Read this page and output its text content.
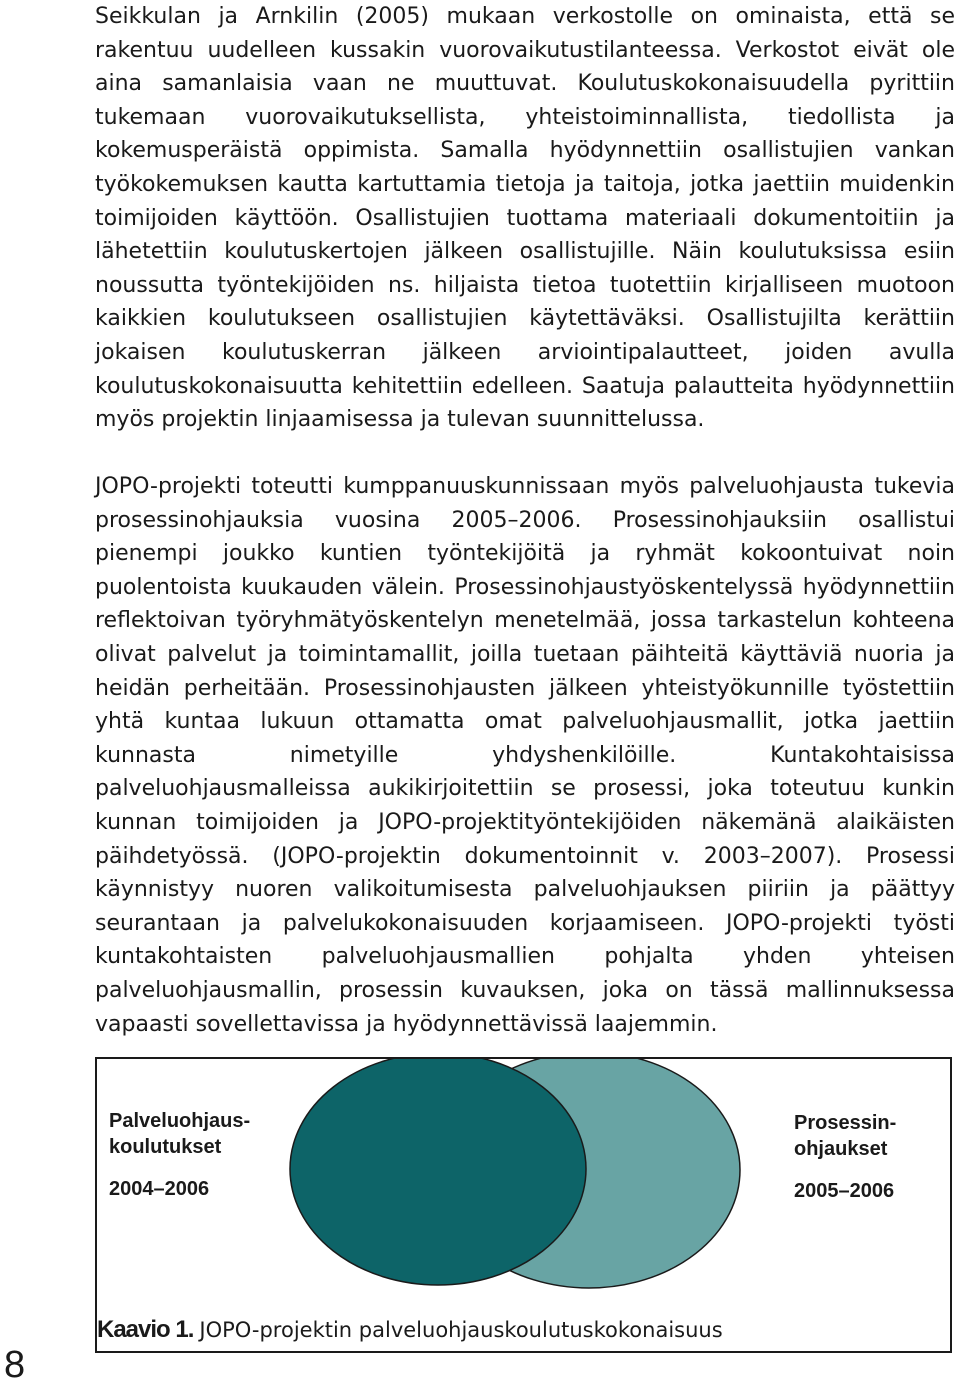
Seikkulan ja Arnkilin (2005) mukaan verkostolle on ominaista, että se rakentuu uudelleen kussakin vuorovaikutustilanteessa. Verkostot eivät ole aina samanlaisia vaan ne muuttuvat. Koulutuskokonaisuudella pyrittiin tukemaan vuorovaikutuksellista, yhteistoiminnallista, tiedollista ja kokemusperäistä oppimista. Samalla hyödynnettiin osallistujien vankan työkokemuksen kautta kartuttamia tietoja ja taitoja, jotka jaettiin muidenkin toimijoiden käyttöön. Osallistujien tuottama materiaali dokumentoitiin ja lähetettiin koulutuskertojen jälkeen osallistujille. Näin koulutuksissa esiin noussutta työntekijöiden ns. hiljaista tietoa tuotettiin kirjalliseen muotoon kaikkien koulutukseen osallistujien käytettäväksi. Osallistujilta kerättiin jokaisen koulutuskerran jälkeen arviointipalautteet, joiden avulla koulutuskokonaisuutta kehitettiin edelleen. Saatuja palautteita hyödynnettiin myös projektin linjaamisessa ja tulevan suunnittelussa.

JOPO-projekti toteutti kumppanuuskunnissaan myös palveluohjausta tukevia prosessinohjauksia vuosina 2005–2006. Prosessinohjauksiin osallistui pienempi joukko kuntien työntekijöitä ja ryhmät kokoontuivat noin puolentoista kuukauden välein. Prosessinohjaustyöskentelyssä hyödynnettiin reflektoivan työryhmätyöskentelyn menetelmää, jossa tarkastelun kohteena olivat palvelut ja toimintamallit, joilla tuetaan päihteitä käyttäviä nuoria ja heidän perheitään. Prosessinohjausten jälkeen yhteistyökunnille työstettiin yhtä kuntaa lukuun ottamatta omat palveluohjausmallit, jotka jaettiin kunnasta nimetyille yhdyshenkilöille. Kuntakohtaisissa palveluohjausmalleissa aukikirjoitettiin se prosessi, joka toteutuu kunkin kunnan toimijoiden ja JOPO-projektityöntekijöiden näkemänä alaikäisten päihdetyössä. (JOPO-projektin dokumentoinnit v. 2003–2007). Prosessi käynnistyy nuoren valikoitumisesta palveluohjauksen piiriin ja päättyy seurantaan ja palvelukokonaisuuden korjaamiseen. JOPO-projekti työsti kuntakohtaisten palveluohjausmallien pohjalta yhden yhteisen palveluohjausmallin, prosessin kuvauksen, joka on tässä mallinnuksessa vapaasti sovellettavissa ja hyödynnettävissä laajemmin.

Palveluohjauskoulutukset

2004–2006

Prosessinohjaukset

2005–2006

Kaavio 1. JOPO-projektin palveluohjauskoulutuskokonaisuus
8
